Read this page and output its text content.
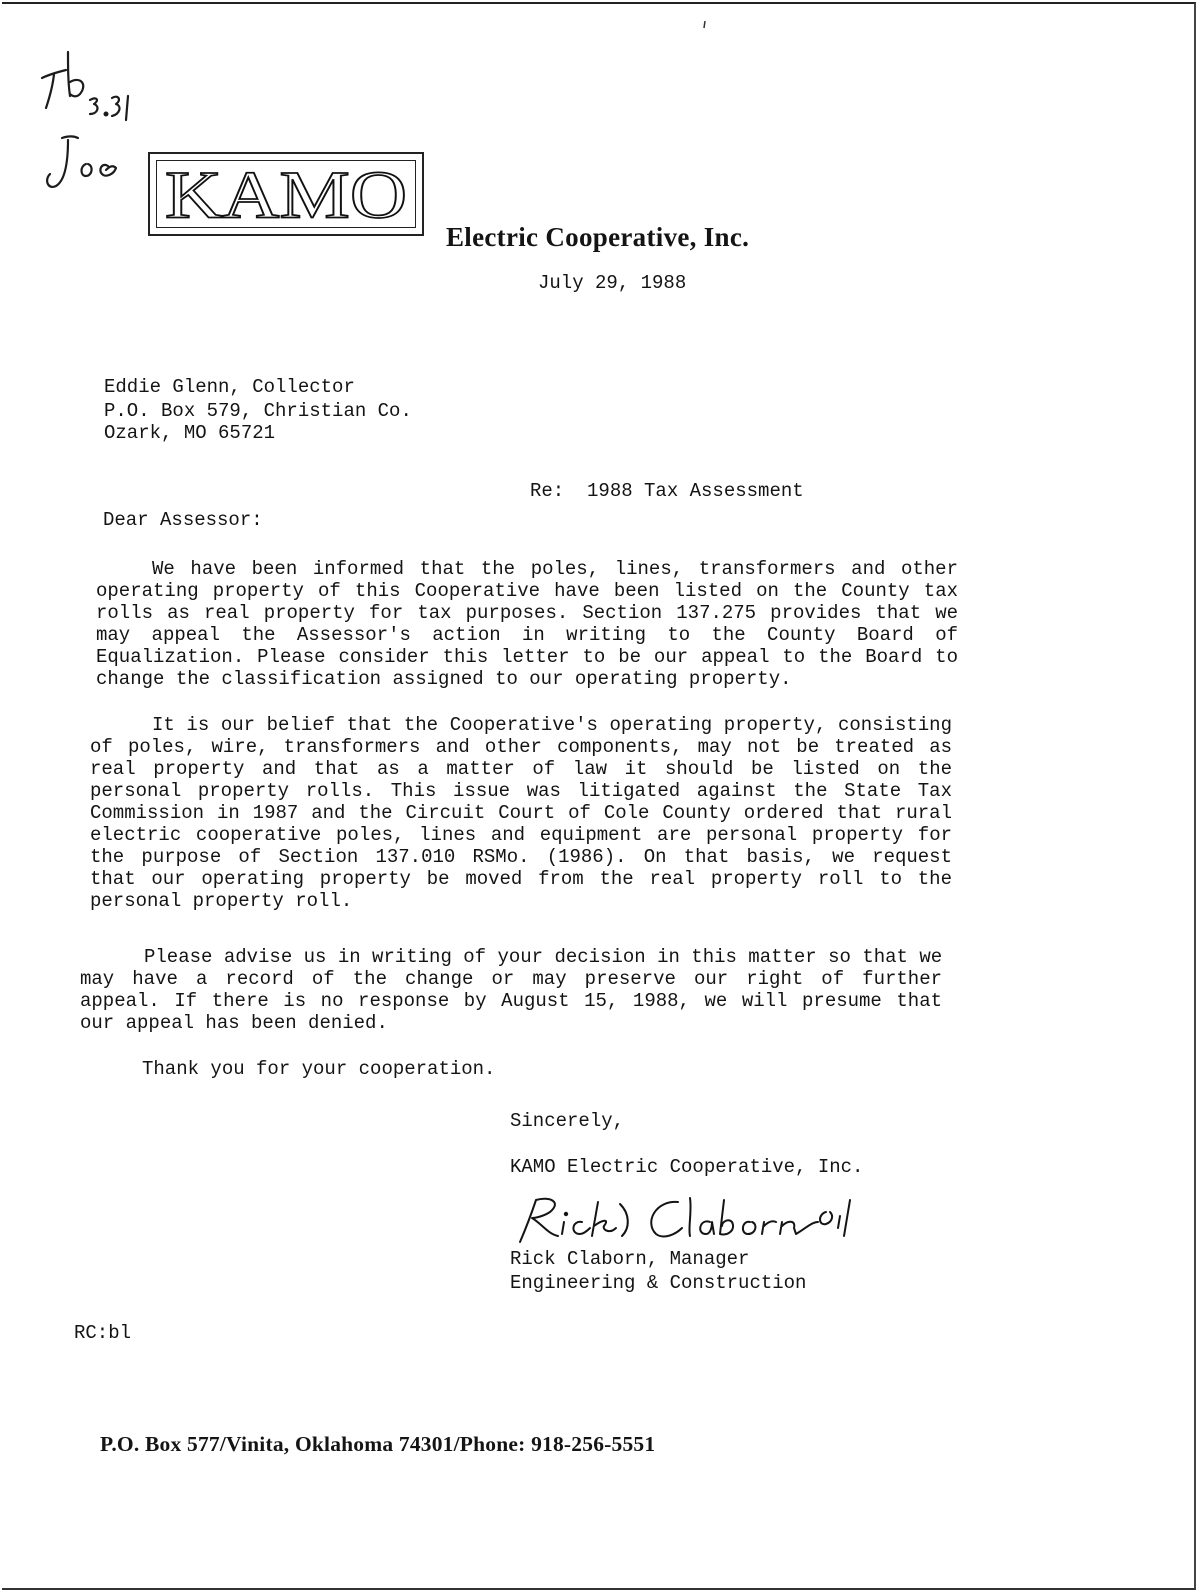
KAMO
Electric Cooperative, Inc.
July 29, 1988
Eddie Glenn, Collector
P.O. Box 579, Christian Co.
Ozark, MO 65721
Re:  1988 Tax Assessment
Dear Assessor:
We have been informed that the poles, lines, transformers and other
operating property of this Cooperative have been listed on the County tax
rolls as real property for tax purposes. Section 137.275 provides that we
may appeal the Assessor's action in writing to the County Board of
Equalization. Please consider this letter to be our appeal to the Board to
change the classification assigned to our operating property.
It is our belief that the Cooperative's operating property, consisting
of poles, wire, transformers and other components, may not be treated as
real property and that as a matter of law it should be listed on the
personal property rolls. This issue was litigated against the State Tax
Commission in 1987 and the Circuit Court of Cole County ordered that rural
electric cooperative poles, lines and equipment are personal property for
the purpose of Section 137.010 RSMo. (1986). On that basis, we request
that our operating property be moved from the real property roll to the
personal property roll.
Please advise us in writing of your decision in this matter so that we
may have a record of the change or may preserve our right of further
appeal. If there is no response by August 15, 1988, we will presume that
our appeal has been denied.
Thank you for your cooperation.
Sincerely,
KAMO Electric Cooperative, Inc.
Rick Claborn, Manager
Engineering & Construction
RC:bl
P.O. Box 577/Vinita, Oklahoma 74301/Phone: 918-256-5551
